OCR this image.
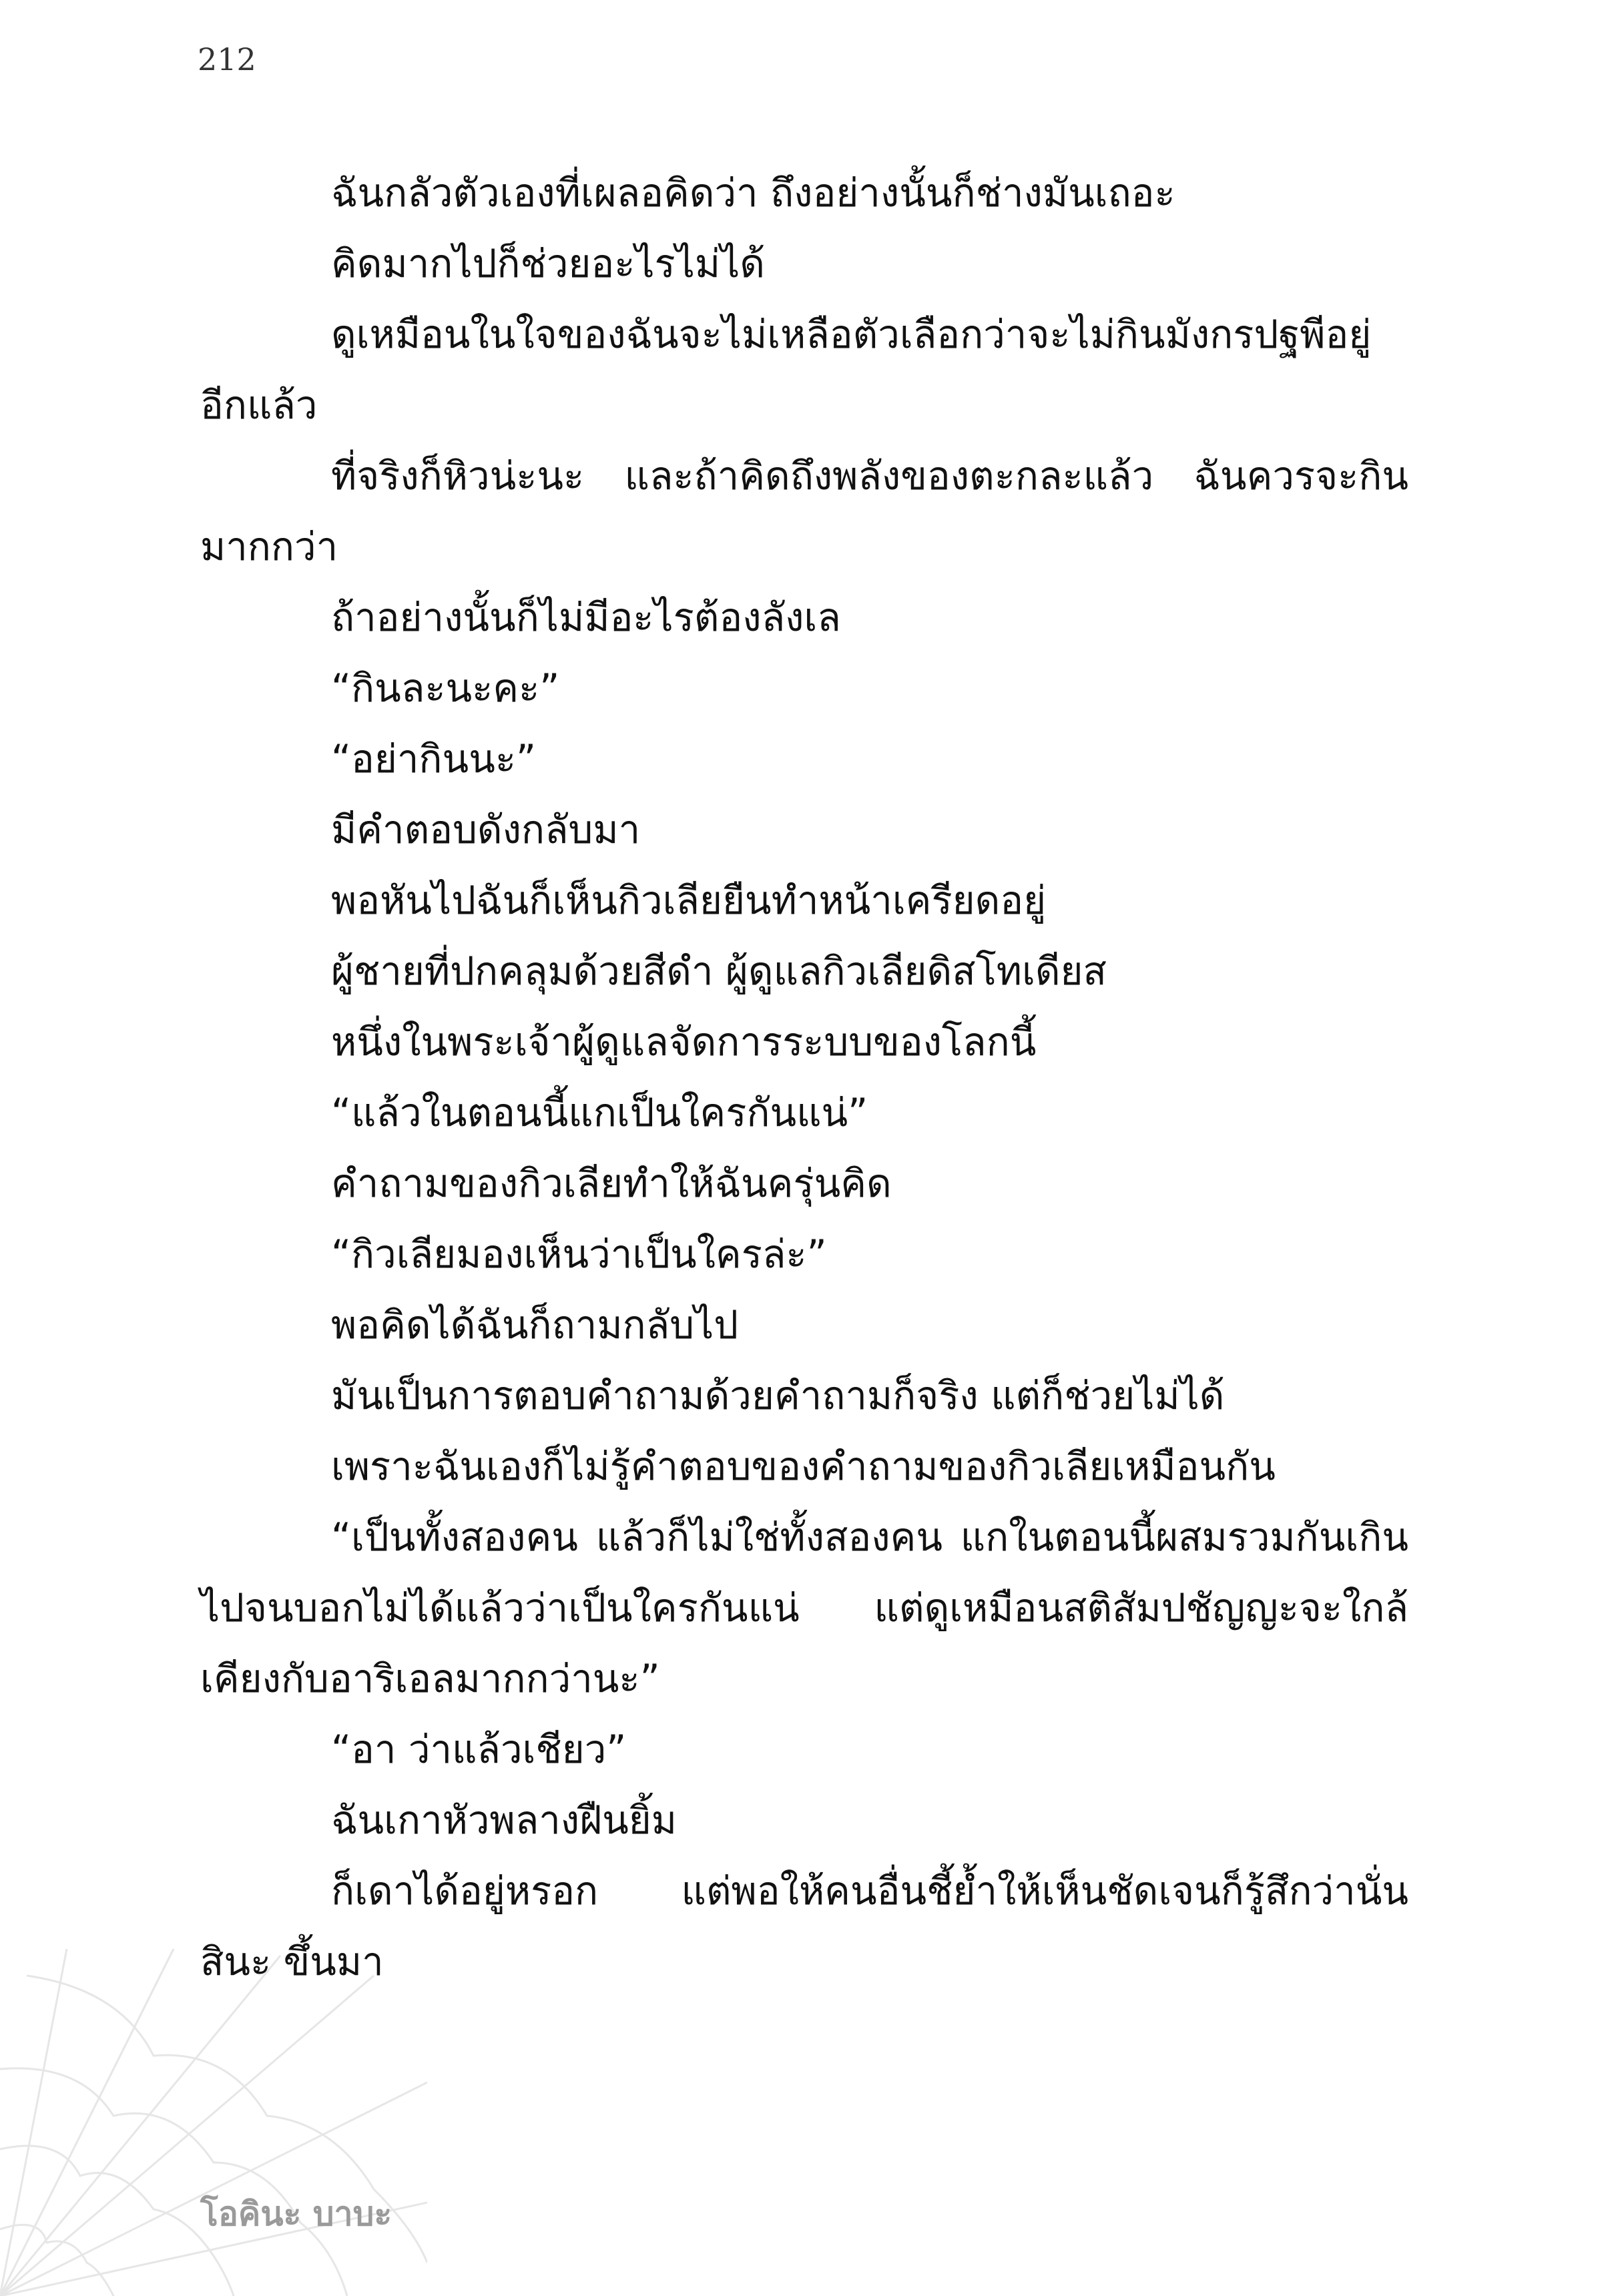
212

ฉันกลัวตัวเองที่เผลอคิดว่า ถึงอย่างนั้นก็ช่างมันเถอะ

คิดมากไปก็ช่วยอะไรไม่ได้

ดูเหมือนในใจของฉันจะไม่เหลือตัวเลือกว่าจะไม่กินมังกรปฐพีอยู่อีกแล้ว

ที่จริงก็หิวน่ะนะ และถ้าคิดถึงพลังของตะกละแล้ว ฉันควรจะกินมากกว่า

ถ้าอย่างนั้นก็ไม่มีอะไรต้องลังเล

“กินละนะคะ”

“อย่ากินนะ”

มีคำตอบดังกลับมา

พอหันไปฉันก็เห็นกิวเลียยืนทำหน้าเครียดอยู่

ผู้ชายที่ปกคลุมด้วยสีดำ ผู้ดูแลกิวเลียดิสโทเดียส

หนึ่งในพระเจ้าผู้ดูแลจัดการระบบของโลกนี้

“แล้วในตอนนี้แกเป็นใครกันแน่”

คำถามของกิวเลียทำให้ฉันครุ่นคิด

“กิวเลียมองเห็นว่าเป็นใครล่ะ”

พอคิดได้ฉันก็ถามกลับไป

มันเป็นการตอบคำถามด้วยคำถามก็จริง แต่ก็ช่วยไม่ได้

เพราะฉันเองก็ไม่รู้คำตอบของคำถามของกิวเลียเหมือนกัน

“เป็นทั้งสองคน แล้วก็ไม่ใช่ทั้งสองคน แกในตอนนี้ผสมรวมกันเกินไปจนบอกไม่ได้แล้วว่าเป็นใครกันแน่ แต่ดูเหมือนสติสัมปชัญญะจะใกล้เคียงกับอาริเอลมากกว่านะ”

“อา ว่าแล้วเชียว”

ฉันเกาหัวพลางฝืนยิ้ม

ก็เดาได้อยู่หรอก แต่พอให้คนอื่นชี้ย้ำให้เห็นชัดเจนก็รู้สึกว่านั่นสินะ ขึ้นมา

โอคินะ บาบะ
